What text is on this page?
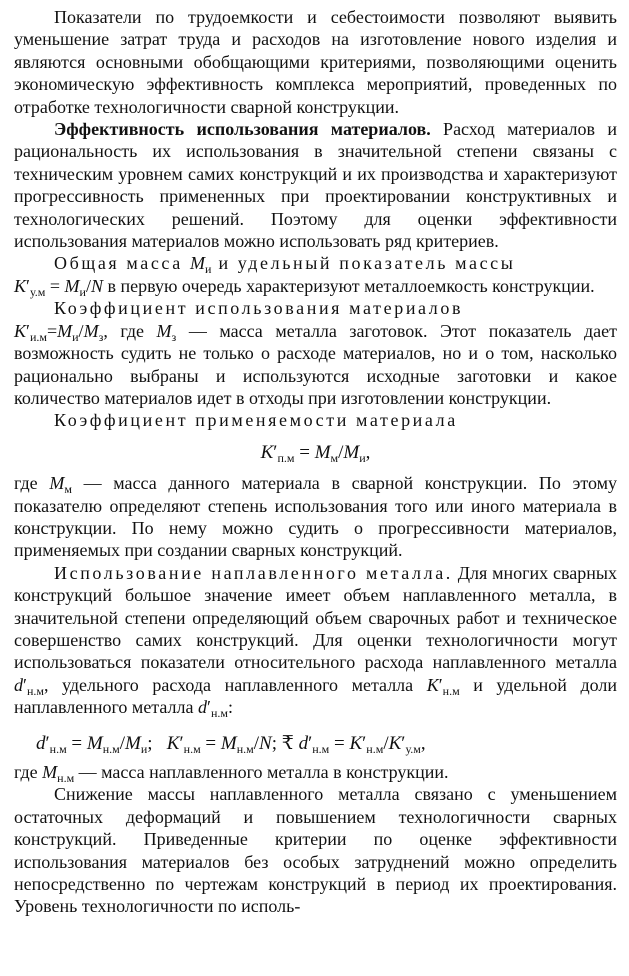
Показатели по трудоемкости и себестоимости позволяют выявить уменьшение затрат труда и расходов на изготовление нового изделия и являются основными обобщающими критериями, позволяющими оценить экономическую эффективность комплекса мероприятий, проведенных по отработке технологичности сварной конструкции.

Эффективность использования материалов. Расход материалов и рациональность их использования в значительной степени связаны с техническим уровнем самих конструкций и их производства и характеризуют прогрессивность примененных при проектировании конструктивных и технологических решений. Поэтому для оценки эффективности использования материалов можно использовать ряд критериев.

Общая масса $M_и$ и удельный показатель массы
$K'_{у.м} = M_и/N$ в первую очередь характеризуют металлоемкость конструкции.

Коэффициент использования материалов
$K'_{и.м}=M_и/M_з$, где $M_з$ — масса металла заготовок. Этот показатель дает возможность судить не только о расходе материалов, но и о том, насколько рационально выбраны и используются исходные заготовки и какое количество материалов идет в отходы при изготовлении конструкции.

Коэффициент применяемости материала

$K'_{п.м} = M_м/M_и$,

где $M_м$ — масса данного материала в сварной конструкции. По этому показателю определяют степень использования того или иного материала в конструкции. По нему можно судить о прогрессивности материалов, применяемых при создании сварных конструкций.

Использование наплавленного металла. Для многих сварных конструкций большое значение имеет объем наплавленного металла, в значительной степени определяющий объем сварочных работ и техническое совершенство самих конструкций. Для оценки технологичности могут использоваться показатели относительного расхода наплавленного металла $d'_{н.м}$, удельного расхода наплавленного металла $K'_{н.м}$ и удельной доли наплавленного металла $d'_{н.м}$:

$d'_{н.м} = M_{н.м}/M_и$;   $K'_{н.м} = M_{н.м}/N$; ₹ $d'_{н.м} = K'_{н.м}/K'_{у.м}$,

где $M_{н.м}$ — масса наплавленного металла в конструкции.

Снижение массы наплавленного металла связано с уменьшением остаточных деформаций и повышением технологичности сварных конструкций. Приведенные критерии по оценке эффективности использования материалов без особых затруднений можно определить непосредственно по чертежам конструкций в период их проектирования. Уровень технологичности по исполь-
